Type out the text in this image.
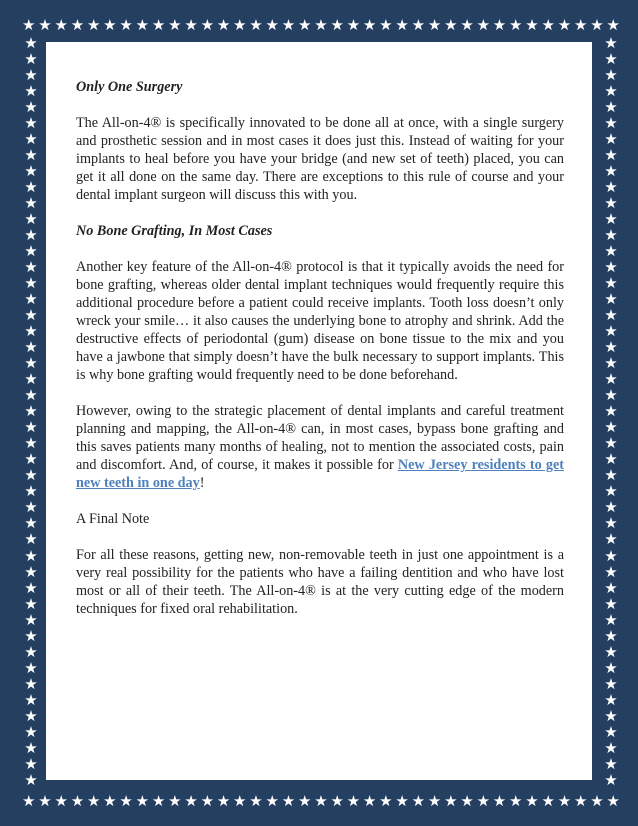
★ ★ ★ ★ ★ ★ ★ ★ ★ ★ ★ ★ ★ ★ ★ ★ ★ ★ ★ ★ ★ ★ ★ ★ ★ ★ ★ ★ ★ ★ ★ ★ ★ ★ ★ ★ ★
★ ★ ★ ★ ★ ★ ★ ★ ★ ★ ★ ★ ★ ★ ★ ★ ★ ★ ★ ★ ★ ★ ★ ★ ★ ★ ★ ★ ★ ★ ★ ★ ★ ★ ★ ★ ★
★
★
★
★
★
★
★
★
★
★
★
★
★
★
★
★
★
★
★
★
★
★
★
★
★
★
★
★
★
★
★
★
★
★
★
★
★
★
★
★
★
★
★
★
★
★
★
★
★
★
★
★
★
★
★
★
★
★
★
★
★
★
★
★
★
★
★
★
★
★
★
★
★
★
★
★
★
★
★
★
★
★
★
★
★
★
★
★
★
★
★
★
★
★

Only One Surgery

The All-on-4® is specifically innovated to be done all at once, with a single surgery and prosthetic session and in most cases it does just this. Instead of waiting for your implants to heal before you have your bridge (and new set of teeth) placed, you can get it all done on the same day. There are exceptions to this rule of course and your dental implant surgeon will discuss this with you.

No Bone Grafting, In Most Cases

Another key feature of the All-on-4® protocol is that it typically avoids the need for bone grafting, whereas older dental implant techniques would frequently require this additional procedure before a patient could receive implants. Tooth loss doesn’t only wreck your smile… it also causes the underlying bone to atrophy and shrink. Add the destructive effects of periodontal (gum) disease on bone tissue to the mix and you have a jawbone that simply doesn’t have the bulk necessary to support implants. This is why bone grafting would frequently need to be done beforehand.

However, owing to the strategic placement of dental implants and careful treatment planning and mapping, the All-on-4® can, in most cases, bypass bone grafting and this saves patients many months of healing, not to mention the associated costs, pain and discomfort. And, of course, it makes it possible for New Jersey residents to get new teeth in one day!

A Final Note

For all these reasons, getting new, non-removable teeth in just one appointment is a very real possibility for the patients who have a failing dentition and who have lost most or all of their teeth. The All-on-4® is at the very cutting edge of the modern techniques for fixed oral rehabilitation.
